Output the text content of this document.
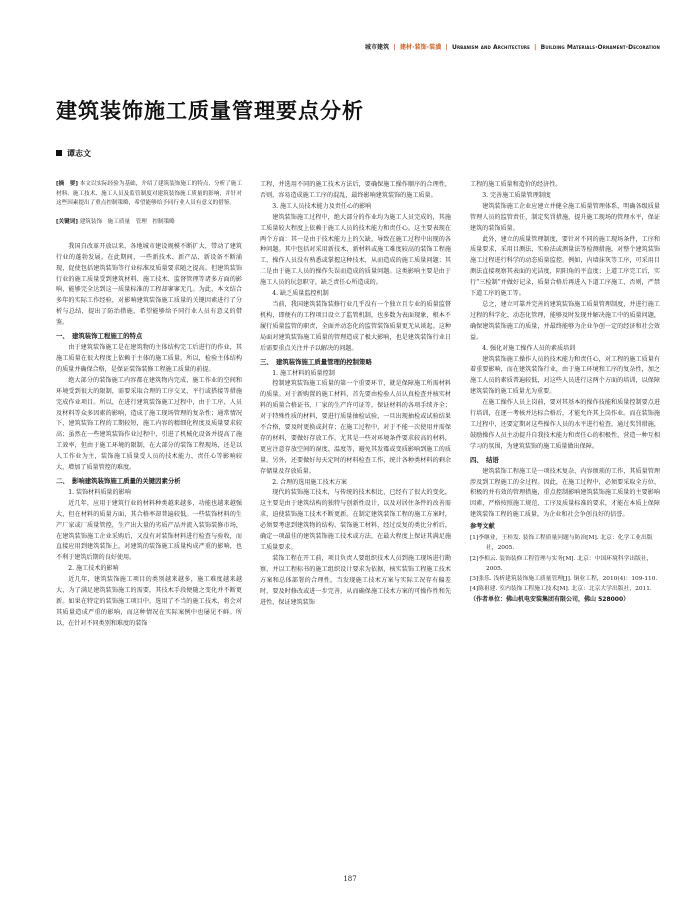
城市建筑 | 建材·装饰·装潢 | Urbanism and Architecture | Building Materials·Ornament·Decoration
建筑装饰施工质量管理要点分析
谭志文
[摘　要] 本文以实际经验为基础，介绍了建筑装饰施工的特点，分析了施工材料、施工技术、施工人员及监管制度对建筑装饰施工质量的影响，并针对这些因素提出了重点控制策略，希望能够给予同行业人员有意义的借鉴。
[关键词] 建筑装饰　施工质量　管理　控制策略

我国自改革开放以来，各地城市建设规模不断扩大，带动了建筑行业的蓬勃发展。在此期间，一些新技术、新产品、新设备不断涌现，促使包括建筑装饰等行业标准及质量要求随之提高。但建筑装饰行业的施工质量受到建筑材料、施工技术、监督管理等诸多方面的影响，能够完全达到这一质量标准的工程却寥寥无几。为此，本文结合多年的实际工作经验，对影响建筑装饰施工质量的关键因素进行了分析与总结，提出了防治措施，希望能够给予同行业人员有意义的借鉴。

一、　建筑装饰工程施工的特点

由于建筑装饰施工是在建筑物的主体结构完工后进行的作业，其施工质量在很大程度上依赖于主体的施工质量。所以，检验主体结构的质量并确保合格，是保证装饰装修工程施工质量的前提。

绝大部分的装饰施工内容都在建筑物内完成，施工作业的空间和环境受到很大的限制，需要采取合理的工序交叉、平行或搭接等措施完成作业项目。所以，在进行建筑装饰施工过程中，由于工序、人员及材料等众多因素的影响，造成了施工现场管理的复杂性；通常情况下，建筑装饰工程的工期较短，施工内容的精细化程度及质量要求较高；虽然在一些建筑装饰作业过程中，引进了机械化设备并提高了施工效率，但由于施工环境的限制，在大部分的装饰工程现场，还是以人工作业为主，装饰施工质量受人员的技术能力、责任心等影响较大，增加了质量管控的难度。

二、　影响建筑装饰施工质量的关键因素分析
1. 装饰材料质量的影响

近几年，应用于建筑行业的材料种类越来越多，功能也越来越强大，但在材料的质量方面，其合格率却普遍较低。一些装饰材料的生产厂家或厂质量管控，生产出大量的劣质产品并流入装饰装修市场，在建筑装饰施工企业采购后，又没有对装饰材料进行检查与验收，而直接应用到建筑装饰上，对建筑的装饰施工质量构成严重的影响，也不利于建筑后期的良好使用。

2. 施工技术的影响

近几年，建筑装饰施工项目的类别越来越多，施工难度越来越大，为了满足建筑装饰施工的需要，其技术手段便随之变化并不断更新。如果在特定的装饰施工项目中，选用了不当的施工技术，将会对其质量造成严重的影响，而这种情况在实际案例中也屡见不鲜。所以，在针对不同类别和难度的装饰

工程，并选用不同的施工技术方法后，要确保施工操作顺序的合理性，否则，容易造成施工工序的混乱，最终影响建筑装饰的施工质量。

3. 施工人员技术能力及责任心的影响

建筑装饰施工过程中，绝大部分的作业均为施工人员完成的，其施工质量较大程度上依赖于施工人员的技术能力和责任心。这主要表现在两个方面：其一是由于技术能力上的欠缺，导致在施工过程中出现的各种问题。其中包括对采用新技术、新材料或施工难度较高的装饰工程施工，操作人员没有熟悉或掌握这种技术，从而造成的施工质量问题；其二是由于施工人员的操作失误而造成的质量问题。这类影响主要是由于施工人员的玩忽职守，缺乏责任心所造成的。

4. 缺乏质量监控机制

当前，我国建筑装饰装修行业几乎没有一个独立且专业的质量监督机构，即便有的工程项目设立了监管机制，也多数为表面现象，根本不履行质量监管的职责，全面并动态化的监管装饰质量更无从谈起。这种局面对建筑装饰施工质量的管理造成了极大影响，也是建筑装饰行业日后需要重点关注并予以解决的问题。

三、　建筑装饰施工质量管理的控制策略
1. 施工材料的质量控制

控制建筑装饰施工质量的第一个重要环节，就是保障施工所需材料的质量。对于新购置的施工材料，首先要由检验人员认真检查并核实材料的质量合格证书、厂家的生产许可证等，保证材料的各项手续齐全；对于特殊性质的材料，要进行质量抽检试验，一旦出现抽检或试验结果不合格，要及时更换或封存；在施工过程中，对于不能一次使用并需保存的材料，要做好存放工作。尤其是一些对环境条件要求较高的材料，更应注意存放空间的湿度、温度等，避免其发霉或变质影响到施工的质量。另外，还要做好每天定时的材料检查工作，统计各种类材料的剩余存储量及存放质量。

2. 合理的选用施工技术方案

现代的装饰施工技术，与传统的技术相比，已经有了很大的变化，这主要是由于建筑结构的独特与创新性设计，以及对居住条件的改善需求，迫使装饰施工技术不断更新。在制定建筑装饰工程的施工方案时，必须要考虑到建筑物的结构、装饰施工材料，经过反复的类比分析后，确定一项最佳的建筑装饰施工技术或方法，在最大程度上保证其满足施工质量要求。

装饰工程在开工前，项目负责人要组织技术人员到施工现场进行勘察，并以工程标书的施工组织设计要求为依据，核实装饰工程施工技术方案和总体部署的合理性。当发现施工技术方案与实际工况存有偏差时，要及时修改或进一步完善，从而确保施工技术方案的可操作性和先进性，保证建筑装饰

工程的施工质量和造价的经济性。

3. 完善施工质量管理制度

建筑装饰施工企业应建立并健全施工质量管理体系，明确各级质量管理人员的监管责任，制定奖罚措施，提升施工现场的管理水平，保证建筑的装饰质量。

此外，建立的质量管理制度，要针对不同的施工现场条件，工序和质量要求，采用目测法、实验法或测量法等检测措施，对整个建筑装饰施工过程进行科学的动态质量监控。例如，内墙抹灰等工序，可采用目测法直接观察其表面的光洁度，阴阳角的平直度；上道工序完工后，实行“三检制”并做好记录，质量合格后再进入下道工序施工，否则，严禁下道工序的施工等。

总之，建立可靠并完善的建筑装饰施工质量管理制度，并进行施工过程的科学化、动态化管理，能够及时发现并解决施工中的质量问题，确保建筑装饰施工的质量，并最终能够为企业争创一定的经济和社会效益。

4. 强化对施工操作人员的素质培训

建筑装饰施工操作人员的技术能力和责任心，对工程的施工质量有着重要影响，而在建筑装饰行业，由于施工环境和工序的复杂性，加之施工人员的素质普遍较低，对这些人员进行这两个方面的培训，以保障建筑装饰的施工质量尤为重要。

在施工操作人员上岗前，要对其基本的操作技能和质量控制要点进行培训，在逐一考核并达标合格后，才能允许其上岗作业。而在装饰施工过程中，还要定期对这些操作人员的水平进行检查，通过奖罚措施，鼓励操作人员主动提升自我技术能力和责任心的积极性，营造一种互相学习的氛围，为建筑装饰的施工质量做出保障。

四、　结语

建筑装饰工程施工是一项技术复杂、内容烦琐的工作，其质量管理涉及到工程施工的全过程。因此，在施工过程中，必须要采取全方位、积极的并有效的管理措施，重点控制影响建筑装饰施工质量的主要影响因素，严格按照施工规范、工序及质量标准的要求，才能在本质上保障建筑装饰工程的施工质量，为企业和社会争创良好的信誉。

参考文献
[1]李继业，王桂发. 装饰工程质量问题与防治[M]. 北京：化学工业出版社，2005.
[2]李相云. 装饰装修工程管理与实务[M]. 北京：中国环境科学出版社，2005.
[3]张乐. 浅析建筑装饰施工质量管理[J]. 铜业工程，2010(4)：109-110.
[4]陈祖建. 室内装饰工程施工技术[M]. 北京：北京大学出版社，2011.
（作者单位：佛山机电安装集团有限公司，佛山 528000）
187
